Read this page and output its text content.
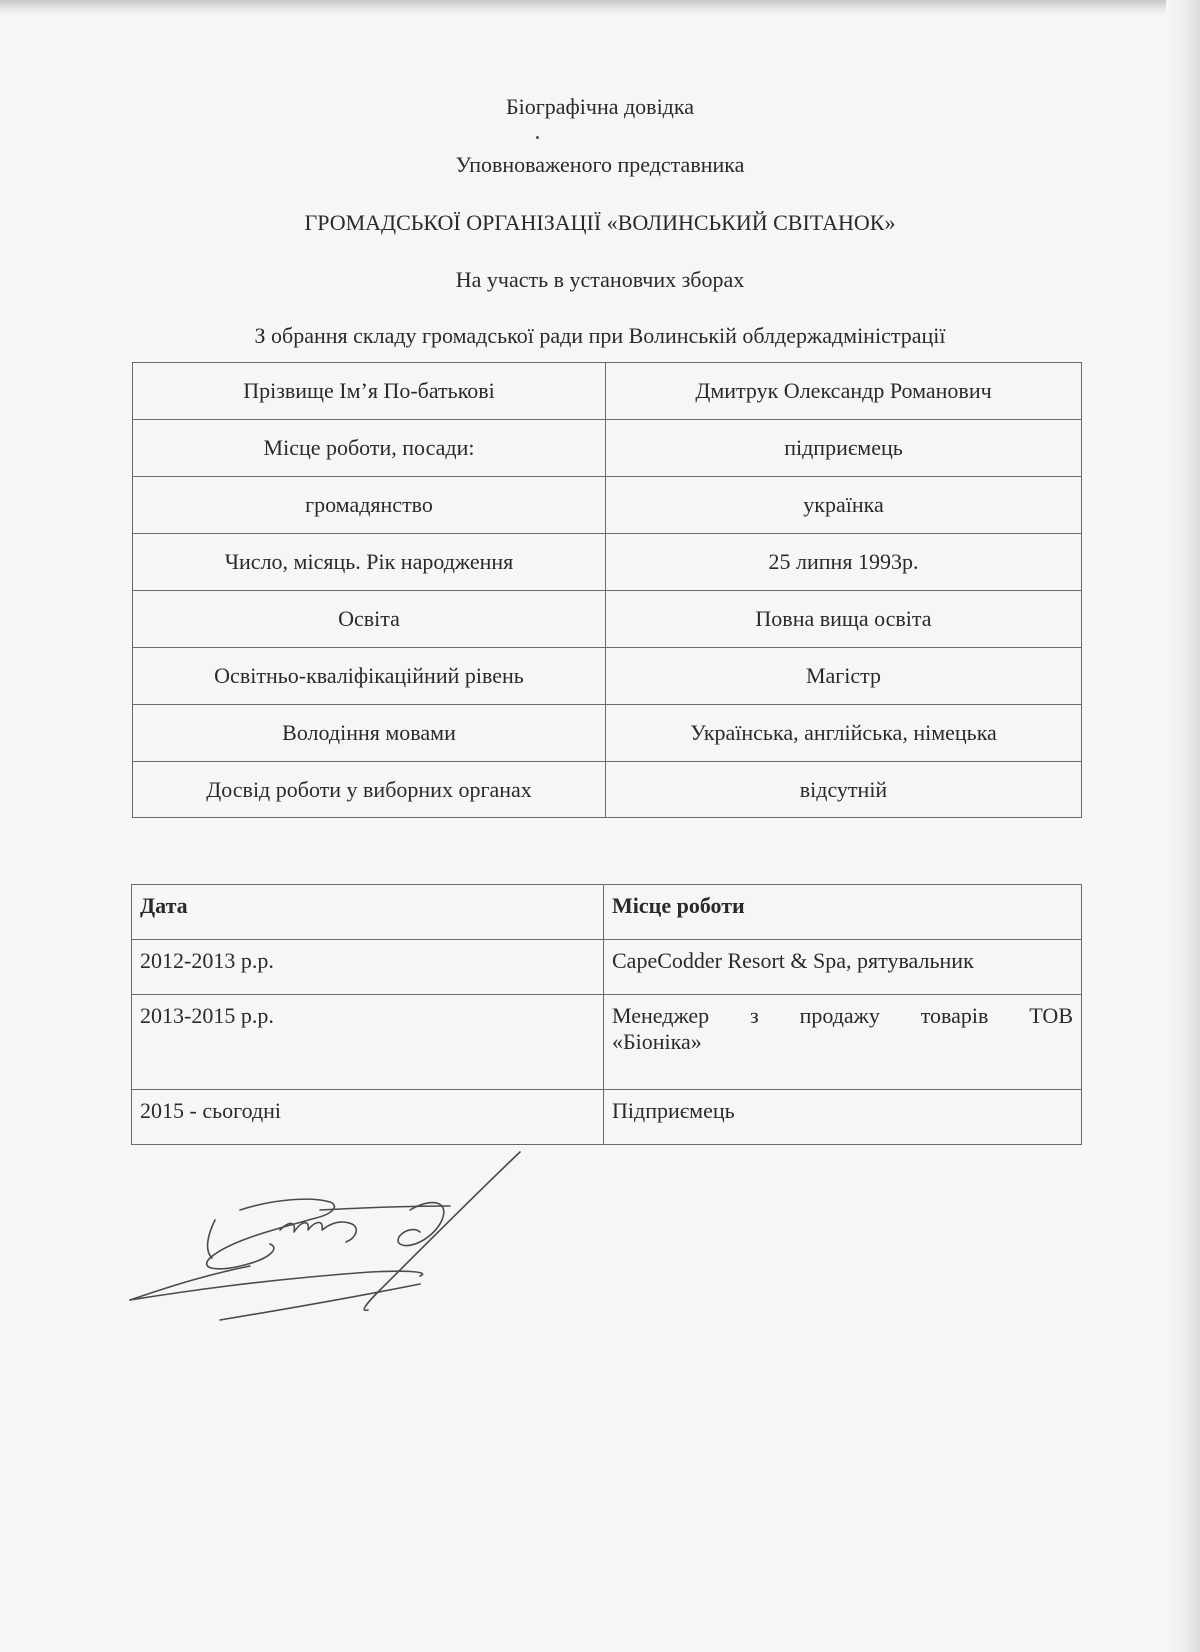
Біографічна довідка
Уповноваженого представника
ГРОМАДСЬКОЇ ОРГАНІЗАЦІЇ «ВОЛИНСЬКИЙ СВІТАНОК»
На участь в установчих зборах
З обрання складу громадської ради при Волинській облдержадміністрації
Прізвище Ім’я По-батькові	Дмитрук Олександр Романович
Місце роботи, посади:	підприємець
громадянство	українка
Число, місяць. Рік народження	25 липня 1993р.
Освіта	Повна вища освіта
Освітньо-кваліфікаційний рівень	Магістр
Володіння мовами	Українська, англійська, німецька
Досвід роботи у виборних органах	відсутній
Дата	Місце роботи
2012-2013 р.р.	CapeCodder Resort & Spa, рятувальник
2013-2015 р.р.	Менеджер з продажу товарів ТОВ
«Біоніка»

2015 - сьогодні	Підприємець
